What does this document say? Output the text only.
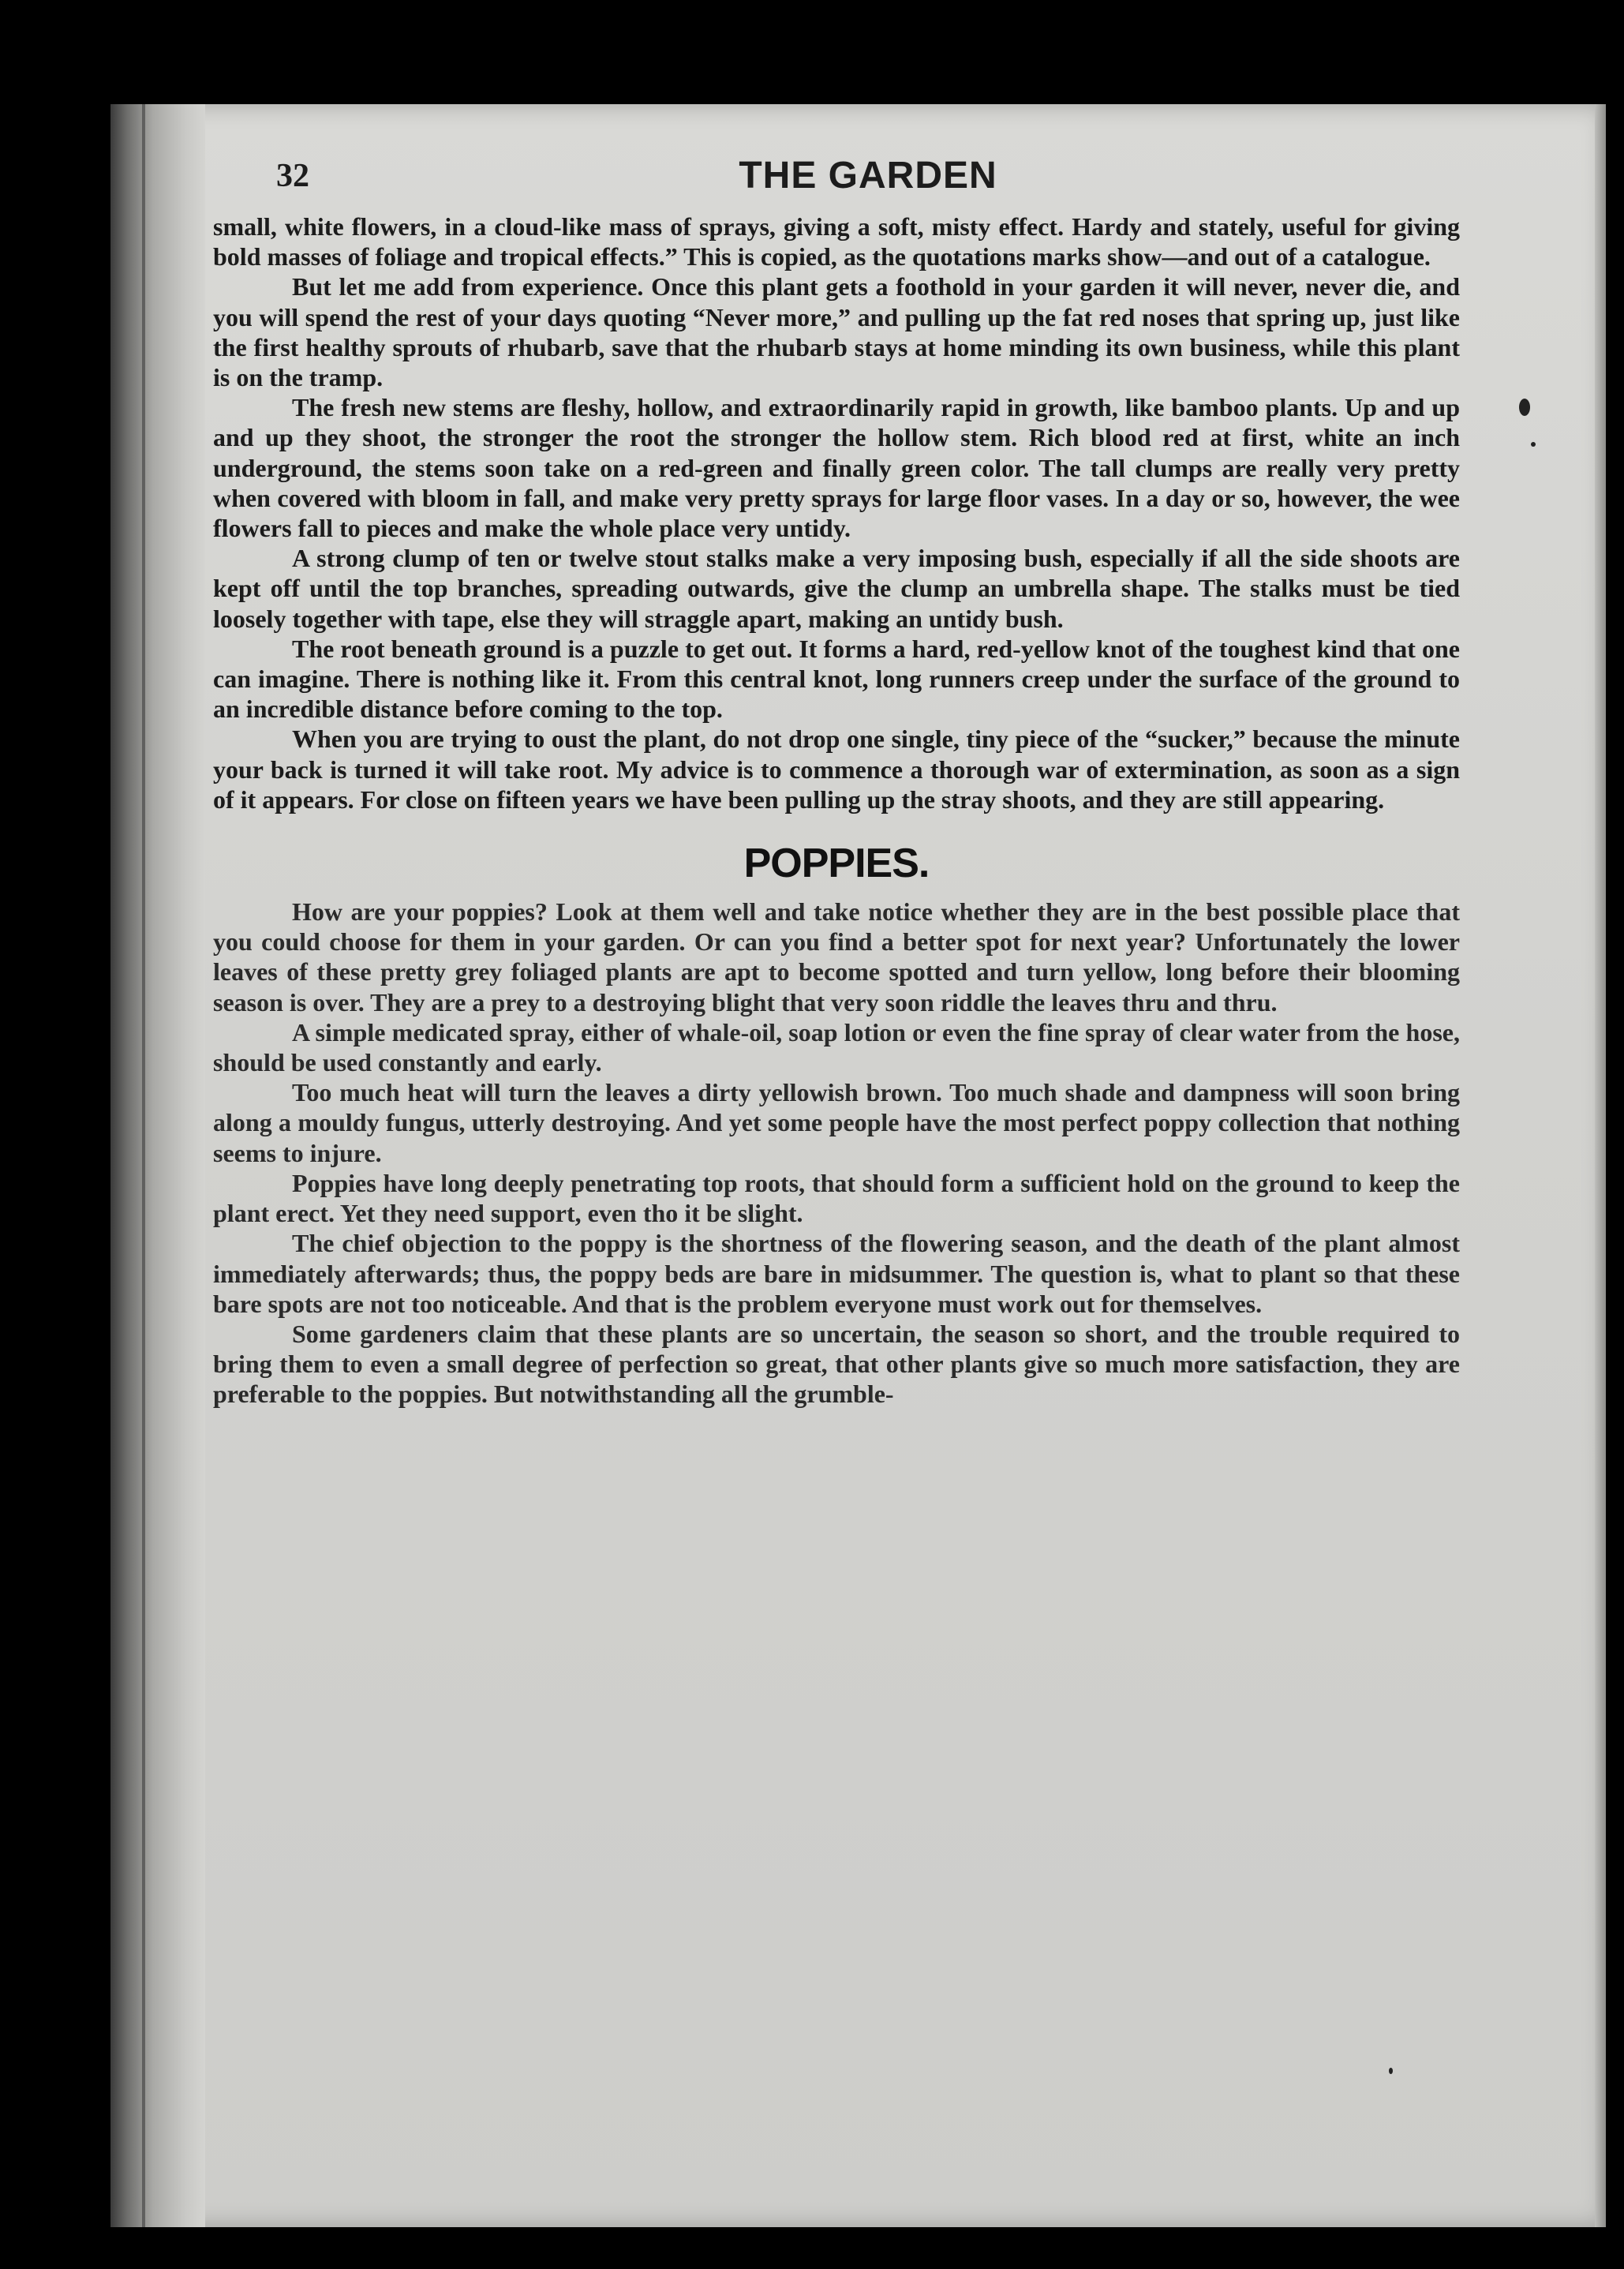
32	THE GARDEN

small, white flowers, in a cloud-like mass of sprays, giving a soft, misty effect. Hardy and stately, useful for giving bold masses of foliage and tropical effects.” This is copied, as the quotations marks show—and out of a catalogue.

But let me add from experience. Once this plant gets a foothold in your garden it will never, never die, and you will spend the rest of your days quoting “Never more,” and pulling up the fat red noses that spring up, just like the first healthy sprouts of rhubarb, save that the rhubarb stays at home minding its own business, while this plant is on the tramp.

The fresh new stems are fleshy, hollow, and extraordinarily rapid in growth, like bamboo plants. Up and up and up they shoot, the stronger the root the stronger the hollow stem. Rich blood red at first, white an inch underground, the stems soon take on a red-green and finally green color. The tall clumps are really very pretty when covered with bloom in fall, and make very pretty sprays for large floor vases. In a day or so, however, the wee flowers fall to pieces and make the whole place very untidy.

A strong clump of ten or twelve stout stalks make a very imposing bush, especially if all the side shoots are kept off until the top branches, spreading outwards, give the clump an umbrella shape. The stalks must be tied loosely together with tape, else they will straggle apart, making an untidy bush.

The root beneath ground is a puzzle to get out. It forms a hard, red-yellow knot of the toughest kind that one can imagine. There is nothing like it. From this central knot, long runners creep under the surface of the ground to an incredible distance before coming to the top.

When you are trying to oust the plant, do not drop one single, tiny piece of the “sucker,” because the minute your back is turned it will take root. My advice is to commence a thorough war of extermination, as soon as a sign of it appears. For close on fifteen years we have been pulling up the stray shoots, and they are still appearing.

POPPIES.

How are your poppies? Look at them well and take notice whether they are in the best possible place that you could choose for them in your garden. Or can you find a better spot for next year? Unfortunately the lower leaves of these pretty grey foliaged plants are apt to become spotted and turn yellow, long before their blooming season is over. They are a prey to a destroying blight that very soon riddle the leaves thru and thru.

A simple medicated spray, either of whale-oil, soap lotion or even the fine spray of clear water from the hose, should be used constantly and early.

Too much heat will turn the leaves a dirty yellowish brown. Too much shade and dampness will soon bring along a mouldy fungus, utterly destroying. And yet some people have the most perfect poppy collection that nothing seems to injure.

Poppies have long deeply penetrating top roots, that should form a sufficient hold on the ground to keep the plant erect. Yet they need support, even tho it be slight.

The chief objection to the poppy is the shortness of the flowering season, and the death of the plant almost immediately afterwards; thus, the poppy beds are bare in midsummer. The question is, what to plant so that these bare spots are not too noticeable. And that is the problem everyone must work out for themselves.

Some gardeners claim that these plants are so uncertain, the season so short, and the trouble required to bring them to even a small degree of perfection so great, that other plants give so much more satisfaction, they are preferable to the poppies. But notwithstanding all the grumble-
